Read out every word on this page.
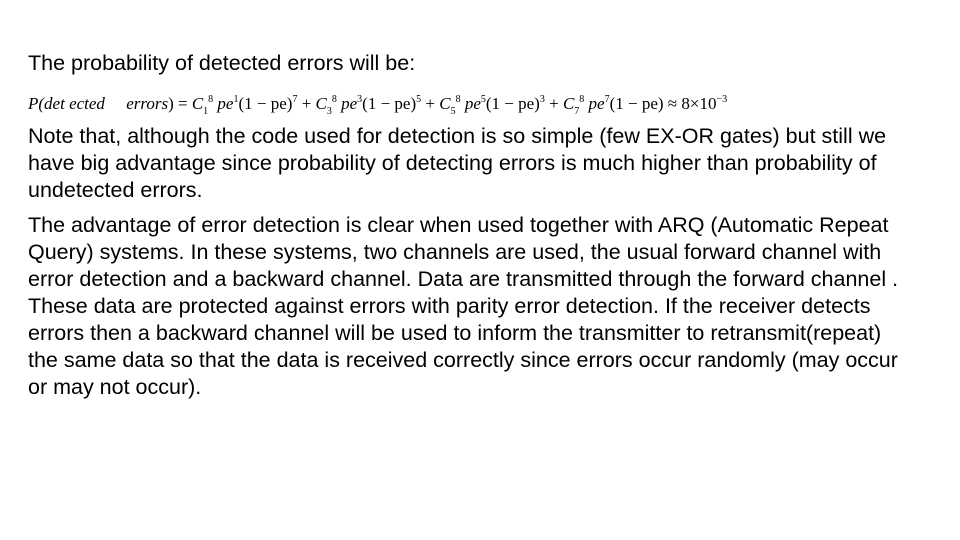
The probability of detected errors will be:
P(det ected errors) = $C_1^8$ $pe^1(1 - pe)^7 + C_3^8$ $pe^3(1 - pe)^5 + C_5^8$ $pe^5(1 - pe)^3 + C_7^8$ $pe^7(1 - pe) \approx 8\times 10^{-3}$
Note that, although the code used for detection is so simple (few EX-OR gates) but still we have big advantage since probability of detecting errors is much higher than probability of undetected errors.
The advantage of error detection is clear when used together with ARQ (Automatic Repeat Query) systems. In these systems, two channels are used, the usual forward channel with error detection and a backward channel. Data are transmitted through the forward channel . These data are protected against errors with parity error detection. If the receiver detects errors then a backward channel will be used to inform the transmitter to retransmit(repeat) the same data so that the data is received correctly since errors occur randomly (may occur or may not occur).
